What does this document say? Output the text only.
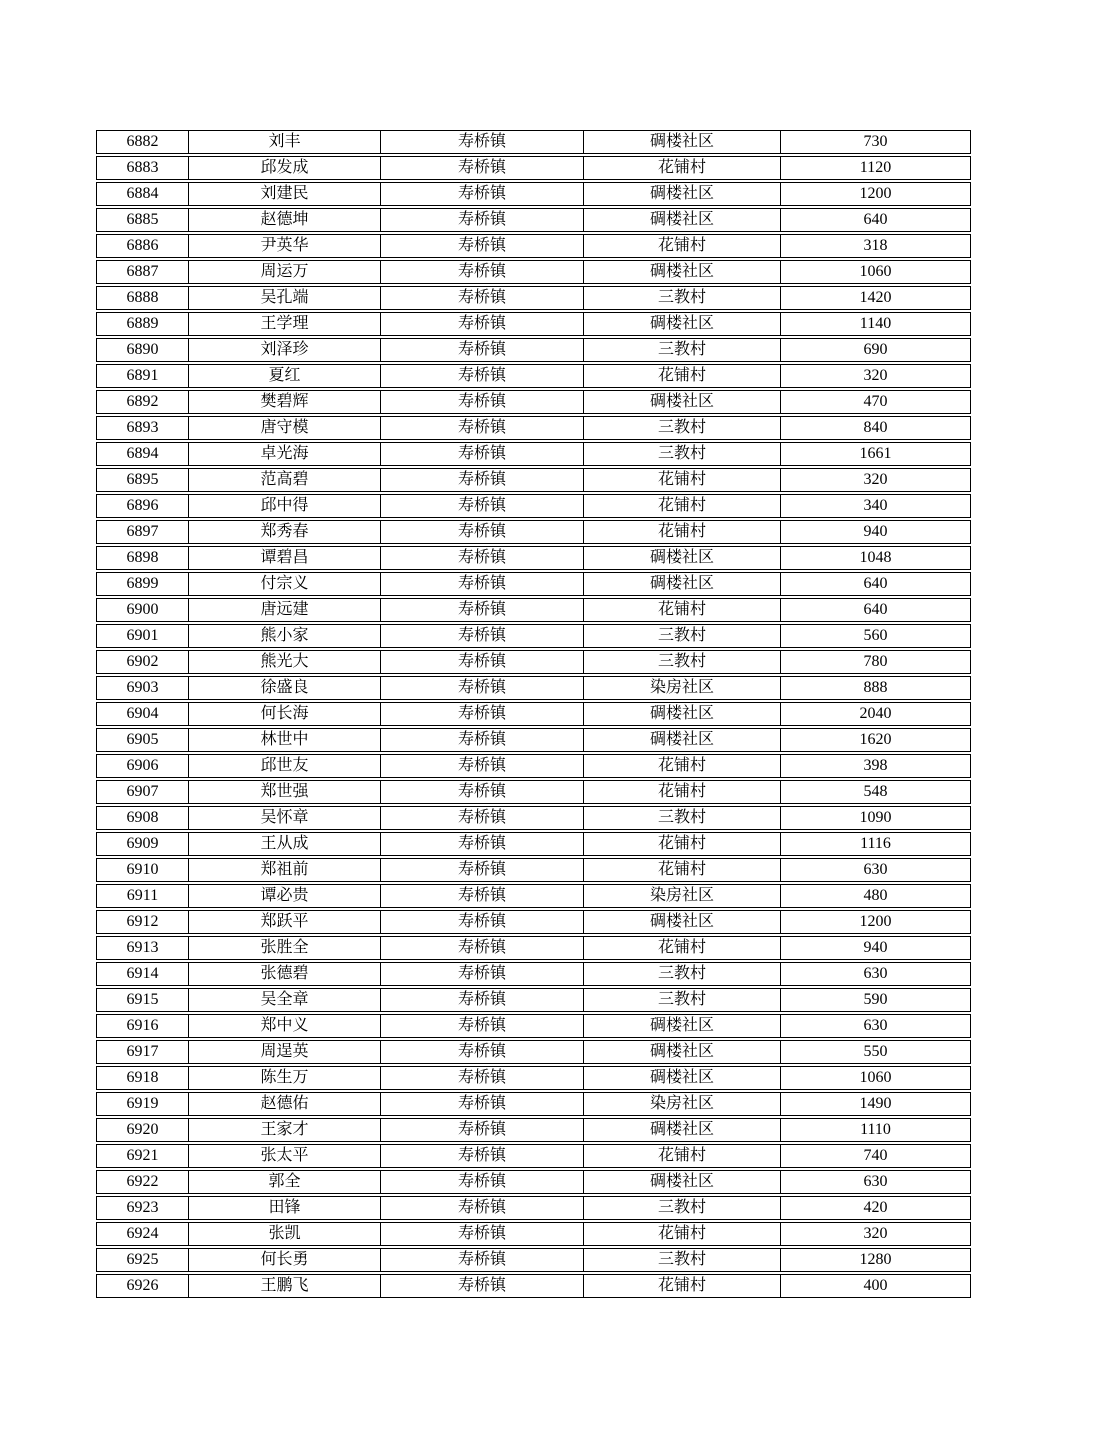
6882	刘丰	寿桥镇	碉楼社区	730
6883	邱发成	寿桥镇	花铺村	1120
6884	刘建民	寿桥镇	碉楼社区	1200
6885	赵德坤	寿桥镇	碉楼社区	640
6886	尹英华	寿桥镇	花铺村	318
6887	周运万	寿桥镇	碉楼社区	1060
6888	吴孔端	寿桥镇	三教村	1420
6889	王学理	寿桥镇	碉楼社区	1140
6890	刘泽珍	寿桥镇	三教村	690
6891	夏红	寿桥镇	花铺村	320
6892	樊碧辉	寿桥镇	碉楼社区	470
6893	唐守模	寿桥镇	三教村	840
6894	卓光海	寿桥镇	三教村	1661
6895	范高碧	寿桥镇	花铺村	320
6896	邱中得	寿桥镇	花铺村	340
6897	郑秀春	寿桥镇	花铺村	940
6898	谭碧昌	寿桥镇	碉楼社区	1048
6899	付宗义	寿桥镇	碉楼社区	640
6900	唐远建	寿桥镇	花铺村	640
6901	熊小家	寿桥镇	三教村	560
6902	熊光大	寿桥镇	三教村	780
6903	徐盛良	寿桥镇	染房社区	888
6904	何长海	寿桥镇	碉楼社区	2040
6905	林世中	寿桥镇	碉楼社区	1620
6906	邱世友	寿桥镇	花铺村	398
6907	郑世强	寿桥镇	花铺村	548
6908	吴怀章	寿桥镇	三教村	1090
6909	王从成	寿桥镇	花铺村	1116
6910	郑祖前	寿桥镇	花铺村	630
6911	谭必贵	寿桥镇	染房社区	480
6912	郑跃平	寿桥镇	碉楼社区	1200
6913	张胜全	寿桥镇	花铺村	940
6914	张德碧	寿桥镇	三教村	630
6915	吴全章	寿桥镇	三教村	590
6916	郑中义	寿桥镇	碉楼社区	630
6917	周逞英	寿桥镇	碉楼社区	550
6918	陈生万	寿桥镇	碉楼社区	1060
6919	赵德佑	寿桥镇	染房社区	1490
6920	王家才	寿桥镇	碉楼社区	1110
6921	张太平	寿桥镇	花铺村	740
6922	郭全	寿桥镇	碉楼社区	630
6923	田锋	寿桥镇	三教村	420
6924	张凯	寿桥镇	花铺村	320
6925	何长勇	寿桥镇	三教村	1280
6926	王鹏飞	寿桥镇	花铺村	400
